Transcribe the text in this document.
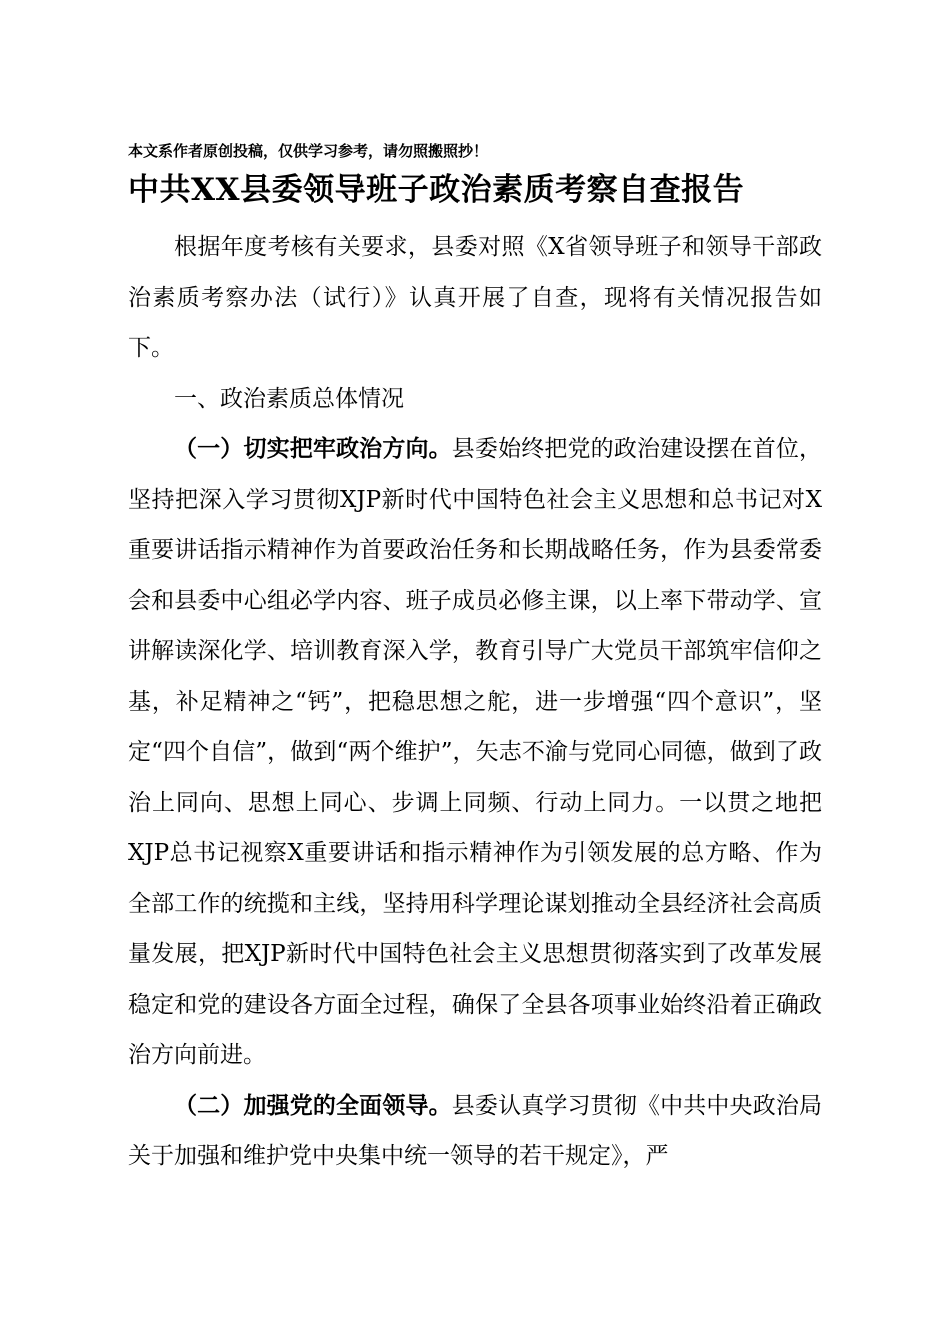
本文系作者原创投稿，仅供学习参考，请勿照搬照抄！
中共XX县委领导班子政治素质考察自查报告

根据年度考核有关要求，县委对照《X省领导班子和领导干部政治素质考察办法（试行）》认真开展了自查，现将有关情况报告如下。

一、政治素质总体情况

（一）切实把牢政治方向。县委始终把党的政治建设摆在首位，坚持把深入学习贯彻XJP新时代中国特色社会主义思想和总书记对X重要讲话指示精神作为首要政治任务和长期战略任务，作为县委常委会和县委中心组必学内容、班子成员必修主课，以上率下带动学、宣讲解读深化学、培训教育深入学，教育引导广大党员干部筑牢信仰之基，补足精神之“钙”，把稳思想之舵，进一步增强“四个意识”，坚定“四个自信”，做到“两个维护”，矢志不渝与党同心同德，做到了政治上同向、思想上同心、步调上同频、行动上同力。一以贯之地把XJP总书记视察X重要讲话和指示精神作为引领发展的总方略、作为全部工作的统揽和主线，坚持用科学理论谋划推动全县经济社会高质量发展，把XJP新时代中国特色社会主义思想贯彻落实到了改革发展稳定和党的建设各方面全过程，确保了全县各项事业始终沿着正确政治方向前进。

（二）加强党的全面领导。县委认真学习贯彻《中共中央政治局关于加强和维护党中央集中统一领导的若干规定》，严
